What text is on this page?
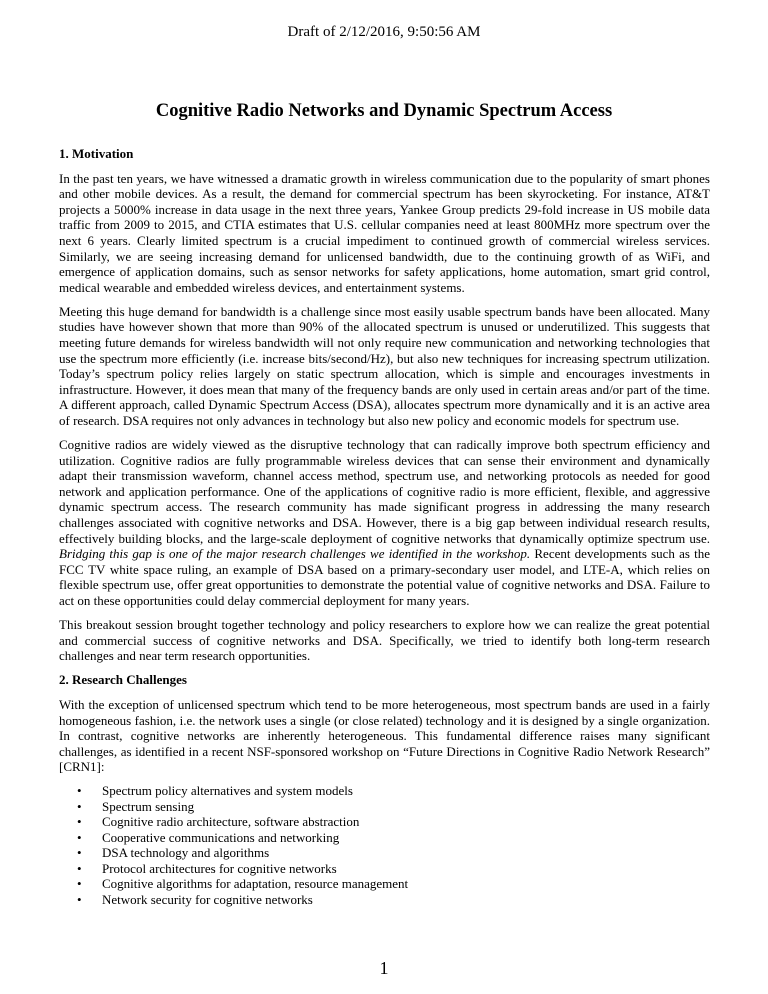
Draft of 2/12/2016, 9:50:56 AM
Cognitive Radio Networks and Dynamic Spectrum Access
1. Motivation

In the past ten years, we have witnessed a dramatic growth in wireless communication due to the popularity of smart phones and other mobile devices. As a result, the demand for commercial spectrum has been skyrocketing. For instance, AT&T projects a 5000% increase in data usage in the next three years, Yankee Group predicts 29-fold increase in US mobile data traffic from 2009 to 2015, and CTIA estimates that U.S. cellular companies need at least 800MHz more spectrum over the next 6 years. Clearly limited spectrum is a crucial impediment to continued growth of commercial wireless services. Similarly, we are seeing increasing demand for unlicensed bandwidth, due to the continuing growth of as WiFi, and emergence of application domains, such as sensor networks for safety applications, home automation, smart grid control, medical wearable and embedded wireless devices, and entertainment systems.

Meeting this huge demand for bandwidth is a challenge since most easily usable spectrum bands have been allocated. Many studies have however shown that more than 90% of the allocated spectrum is unused or underutilized. This suggests that meeting future demands for wireless bandwidth will not only require new communication and networking technologies that use the spectrum more efficiently (i.e. increase bits/second/Hz), but also new techniques for increasing spectrum utilization. Today’s spectrum policy relies largely on static spectrum allocation, which is simple and encourages investments in infrastructure. However, it does mean that many of the frequency bands are only used in certain areas and/or part of the time. A different approach, called Dynamic Spectrum Access (DSA), allocates spectrum more dynamically and it is an active area of research. DSA requires not only advances in technology but also new policy and economic models for spectrum use.

Cognitive radios are widely viewed as the disruptive technology that can radically improve both spectrum efficiency and utilization. Cognitive radios are fully programmable wireless devices that can sense their environment and dynamically adapt their transmission waveform, channel access method, spectrum use, and networking protocols as needed for good network and application performance. One of the applications of cognitive radio is more efficient, flexible, and aggressive dynamic spectrum access. The research community has made significant progress in addressing the many research challenges associated with cognitive networks and DSA. However, there is a big gap between individual research results, effectively building blocks, and the large-scale deployment of cognitive networks that dynamically optimize spectrum use. Bridging this gap is one of the major research challenges we identified in the workshop. Recent developments such as the FCC TV white space ruling, an example of DSA based on a primary-secondary user model, and LTE-A, which relies on flexible spectrum use, offer great opportunities to demonstrate the potential value of cognitive networks and DSA. Failure to act on these opportunities could delay commercial deployment for many years.

This breakout session brought together technology and policy researchers to explore how we can realize the great potential and commercial success of cognitive networks and DSA. Specifically, we tried to identify both long-term research challenges and near term research opportunities.

2. Research Challenges

With the exception of unlicensed spectrum which tend to be more heterogeneous, most spectrum bands are used in a fairly homogeneous fashion, i.e. the network uses a single (or close related) technology and it is designed by a single organization. In contrast, cognitive networks are inherently heterogeneous. This fundamental difference raises many significant challenges, as identified in a recent NSF-sponsored workshop on “Future Directions in Cognitive Radio Network Research” [CRN1]:

• Spectrum policy alternatives and system models
• Spectrum sensing
• Cognitive radio architecture, software abstraction
• Cooperative communications and networking
• DSA technology and algorithms
• Protocol architectures for cognitive networks
• Cognitive algorithms for adaptation, resource management
• Network security for cognitive networks
1
